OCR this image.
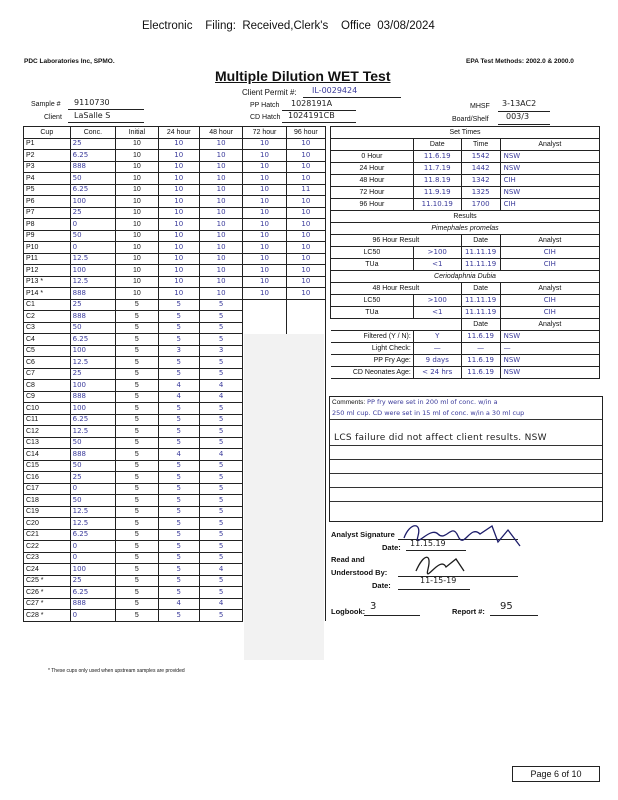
Electronic    Filing:  Received,Clerk's    Office  03/08/2024
PDC Laboratories Inc, SPMO.	EPA Test Methods: 2002.0 & 2000.0
Multiple Dilution WET Test
Client Permit #: IL-0029424
PP Hatch 1028191A
CD Hatch 1024191CB
Sample # 9110730
Client LaSalle S
MHSF 3-13AC2
Board/Shelf 003/3
Cup	Conc.	Initial	24 hour	48 hour	72 hour	96 hour
P1	25	10	10	10	10	10
P2	6.25	10	10	10	10	10
P3	888	10	10	10	10	10
P4	50	10	10	10	10	10
P5	6.25	10	10	10	10	11
P6	100	10	10	10	10	10
P7	25	10	10	10	10	10
P8	0	10	10	10	10	10
P9	50	10	10	10	10	10
P10	0	10	10	10	10	10
P11	12.5	10	10	10	10	10
P12	100	10	10	10	10	10
P13 *	12.5	10	10	10	10	10
P14 *	888	10	10	10	10	10
C1	25	5	5	5		
C2	888	5	5	5		
C3	50	5	5	5		
C4	6.25	5	5	5		
C5	100	5	3	3		
C6	12.5	5	5	5		
C7	25	5	5	5		
C8	100	5	4	4		
C9	888	5	4	4		
C10	100	5	5	5		
C11	6.25	5	5	5		
C12	12.5	5	5	5		
C13	50	5	5	5		
C14	888	5	4	4		
C15	50	5	5	5		
C16	25	5	5	5		
C17	0	5	5	5		
C18	50	5	5	5		
C19	12.5	5	5	5		
C20	12.5	5	5	5		
C21	6.25	5	5	5		
C22	0	5	5	5		
C23	0	5	5	5		
C24	100	5	5	4		
C25 *	25	5	5	5		
C26 *	6.25	5	5	5		
C27 *	888	5	4	4		
C28 *	0	5	5	5		
* These cups only used when upstream samples are provided
Set Times			
	Date	Time	Analyst
0 Hour	11.6.19	1542	NSW
24 Hour	11.7.19	1442	NSW
48 Hour	11.8.19	1342	CIH
72 Hour	11.9.19	1325	NSW
96 Hour	11.10.19	1700	CIH
Results			
Pimephales promelas			
96 Hour Result		Date	Analyst
LC50	>100	11.11.19	CIH
TUa	<1	11.11.19	CIH
Ceriodaphnia Dubia			
48 Hour Result		Date	Analyst
LC50	>100	11.11.19	CIH
TUa	<1	11.11.19	CIH
		Date	Analyst
Filtered (Y / N):	Y	11.6.19	NSW
Light Check:	—	—	—
PP Fry Age:	9 days	11.6.19	NSW
CD Neonates Age:	< 24 hrs	11.6.19	NSW
Comments: PP fry were set in 200 ml of conc. w/in a
250 ml cup. CD were set in 15 ml of conc. w/in a 30 ml cup
LCS failure did not affect client results. NSW
Analyst Signature
Date: 11.15.19
Read and
Understood By:
Date:
11-15-19
Logbook: 3	Report #: 95
Page 6 of 10
